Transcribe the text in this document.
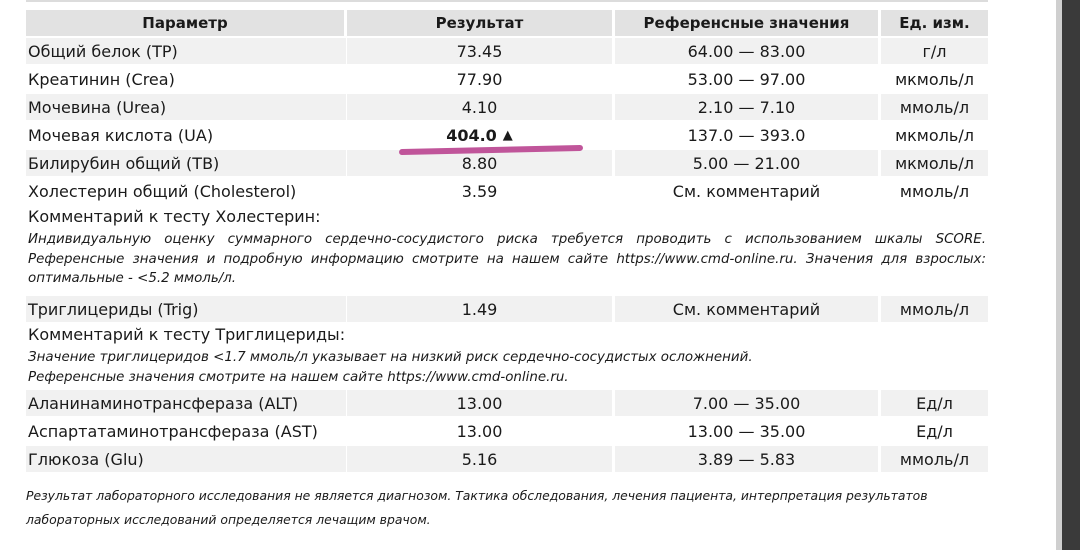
Параметр	Результат	Референсные значения	Ед. изм.
Общий белок (TP)	73.45	64.00 — 83.00	г/л
Креатинин (Crea)	77.90	53.00 — 97.00	мкмоль/л
Мочевина (Urea)	4.10	2.10 — 7.10	ммоль/л
Мочевая кислота (UA)	404.0 ▲	137.0 — 393.0	мкмоль/л
Билирубин общий (TB)	8.80	5.00 — 21.00	мкмоль/л
Холестерин общий (Cholesterol)	3.59	См. комментарий	ммоль/л
Комментарий к тесту Холестерин:
Индивидуальную оценку суммарного сердечно-сосудистого риска требуется проводить с использованием шкалы SCORE. Референсные значения и подробную информацию смотрите на нашем сайте https://www.cmd-online.ru. Значения для взрослых: оптимальные - <5.2 ммоль/л.
Триглицериды (Trig)	1.49	См. комментарий	ммоль/л
Комментарий к тесту Триглицериды:
Значение триглицеридов <1.7 ммоль/л указывает на низкий риск сердечно-сосудистых осложнений.
Референсные значения смотрите на нашем сайте https://www.cmd-online.ru.
Аланинаминотрансфераза (ALT)	13.00	7.00 — 35.00	Ед/л
Аспартатаминотрансфераза (AST)	13.00	13.00 — 35.00	Ед/л
Глюкоза (Glu)	5.16	3.89 — 5.83	ммоль/л
Результат лабораторного исследования не является диагнозом. Тактика обследования, лечения пациента, интерпретация результатов лабораторных исследований определяется лечащим врачом.
